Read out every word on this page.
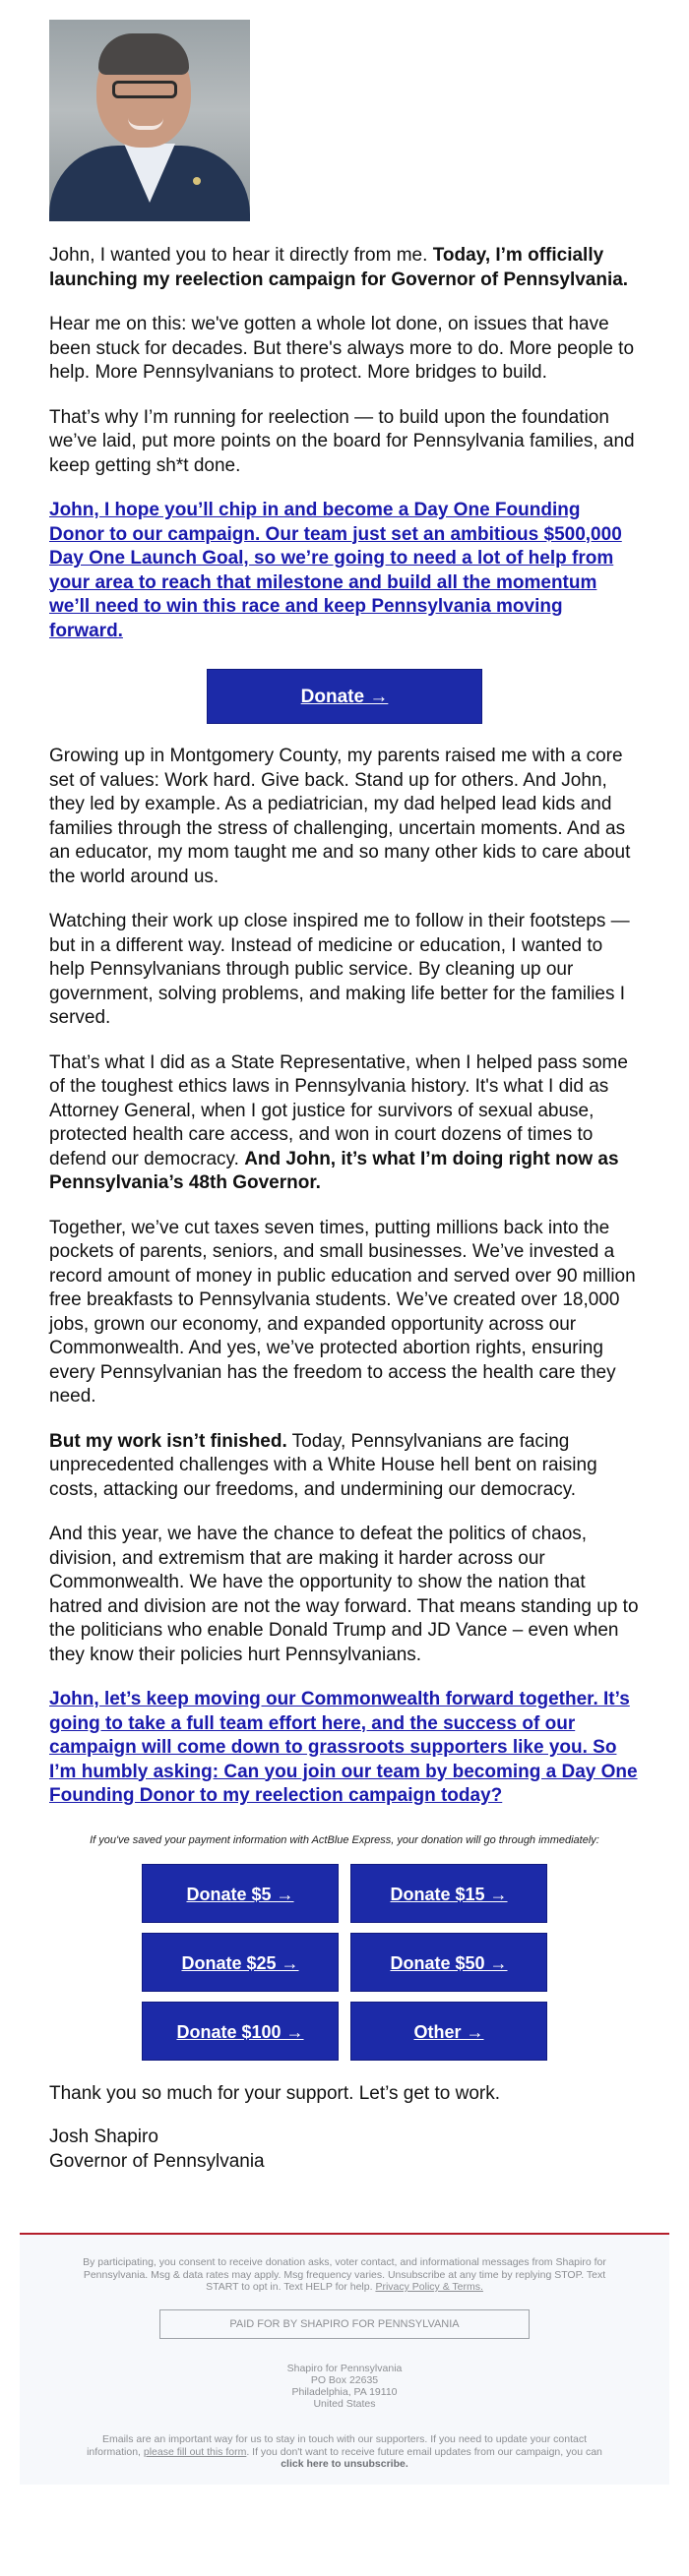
John, I wanted you to hear it directly from me. Today, I’m officially launching my reelection campaign for Governor of Pennsylvania.

Hear me on this: we've gotten a whole lot done, on issues that have been stuck for decades. But there's always more to do. More people to help. More Pennsylvanians to protect. More bridges to build.

That’s why I’m running for reelection — to build upon the foundation we’ve laid, put more points on the board for Pennsylvania families, and keep getting sh*t done.

John, I hope you’ll chip in and become a Day One Founding Donor to our campaign. Our team just set an ambitious $500,000 Day One Launch Goal, so we’re going to need a lot of help from your area to reach that milestone and build all the momentum we’ll need to win this race and keep Pennsylvania moving forward.

Donate →

Growing up in Montgomery County, my parents raised me with a core set of values: Work hard. Give back. Stand up for others. And John, they led by example. As a pediatrician, my dad helped lead kids and families through the stress of challenging, uncertain moments. And as an educator, my mom taught me and so many other kids to care about the world around us.

Watching their work up close inspired me to follow in their footsteps — but in a different way. Instead of medicine or education, I wanted to help Pennsylvanians through public service. By cleaning up our government, solving problems, and making life better for the families I served.

That’s what I did as a State Representative, when I helped pass some of the toughest ethics laws in Pennsylvania history. It's what I did as Attorney General, when I got justice for survivors of sexual abuse, protected health care access, and won in court dozens of times to defend our democracy. And John, it’s what I’m doing right now as Pennsylvania’s 48th Governor.

Together, we’ve cut taxes seven times, putting millions back into the pockets of parents, seniors, and small businesses. We’ve invested a record amount of money in public education and served over 90 million free breakfasts to Pennsylvania students. We’ve created over 18,000 jobs, grown our economy, and expanded opportunity across our Commonwealth. And yes, we’ve protected abortion rights, ensuring every Pennsylvanian has the freedom to access the health care they need.

But my work isn’t finished. Today, Pennsylvanians are facing unprecedented challenges with a White House hell bent on raising costs, attacking our freedoms, and undermining our democracy.

And this year, we have the chance to defeat the politics of chaos, division, and extremism that are making it harder across our Commonwealth. We have the opportunity to show the nation that hatred and division are not the way forward. That means standing up to the politicians who enable Donald Trump and JD Vance – even when they know their policies hurt Pennsylvanians.

John, let’s keep moving our Commonwealth forward together. It’s going to take a full team effort here, and the success of our campaign will come down to grassroots supporters like you. So I’m humbly asking: Can you join our team by becoming a Day One Founding Donor to my reelection campaign today?

If you've saved your payment information with ActBlue Express, your donation will go through immediately:

Donate $5 →	Donate $15 →
Donate $25 →	Donate $50 →
Donate $100 →	Other →

Thank you so much for your support. Let’s get to work.

Josh Shapiro
Governor of Pennsylvania
By participating, you consent to receive donation asks, voter contact, and informational messages from Shapiro for Pennsylvania. Msg & data rates may apply. Msg frequency varies. Unsubscribe at any time by replying STOP. Text START to opt in. Text HELP for help. Privacy Policy & Terms.
PAID FOR BY SHAPIRO FOR PENNSYLVANIA
Shapiro for Pennsylvania
PO Box 22635
Philadelphia, PA 19110
United States
Emails are an important way for us to stay in touch with our supporters. If you need to update your contact information, please fill out this form. If you don't want to receive future email updates from our campaign, you can click here to unsubscribe.
